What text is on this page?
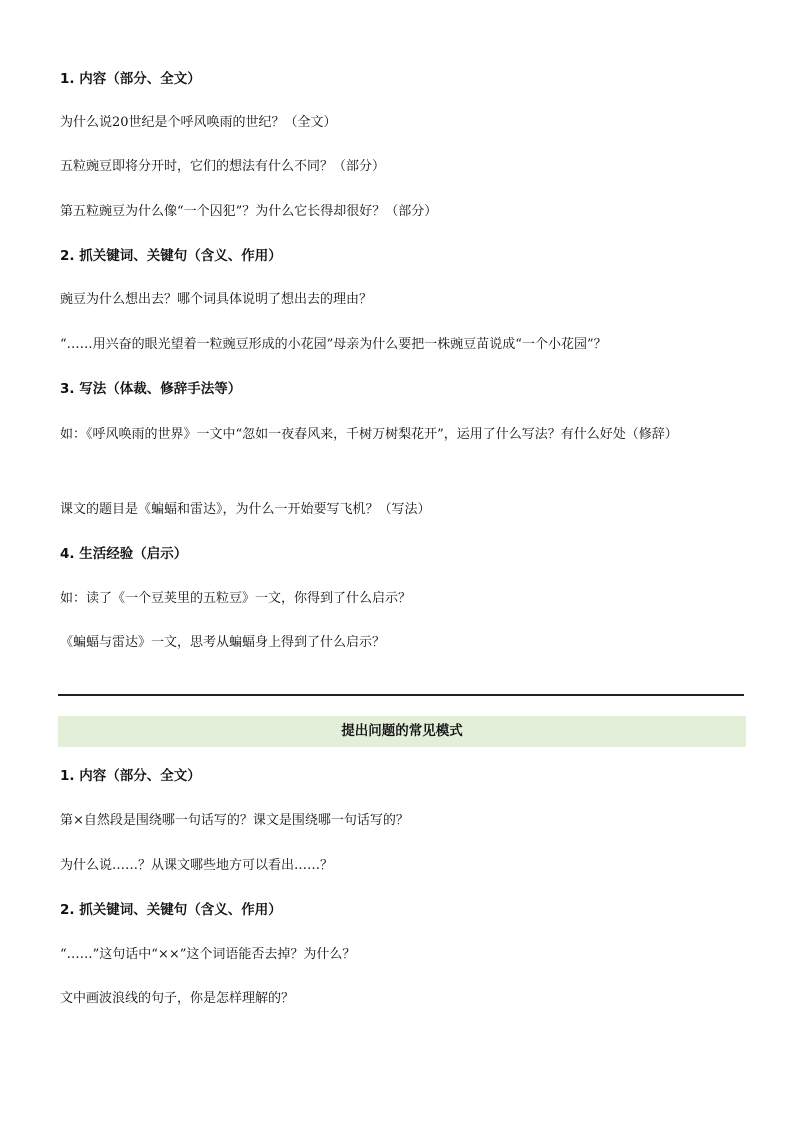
1. 内容（部分、全文）
为什么说20世纪是个呼风唤雨的世纪？（全文）
五粒豌豆即将分开时，它们的想法有什么不同？（部分）
第五粒豌豆为什么像“一个囚犯”？为什么它长得却很好？（部分）
2. 抓关键词、关键句（含义、作用）
豌豆为什么想出去？哪个词具体说明了想出去的理由？
“……用兴奋的眼光望着一粒豌豆形成的小花园”母亲为什么要把一株豌豆苗说成“一个小花园”？
3. 写法（体裁、修辞手法等）
如：《呼风唤雨的世界》一文中“忽如一夜春风来，千树万树梨花开”，运用了什么写法？有什么好处（修辞）
课文的题目是《蝙蝠和雷达》，为什么一开始要写飞机？（写法）
4. 生活经验（启示）
如：读了《一个豆荚里的五粒豆》一文，你得到了什么启示？
《蝙蝠与雷达》一文，思考从蝙蝠身上得到了什么启示？
提出问题的常见模式
1. 内容（部分、全文）
第×自然段是围绕哪一句话写的？课文是围绕哪一句话写的？
为什么说……？从课文哪些地方可以看出……？
2. 抓关键词、关键句（含义、作用）
“……”这句话中“××”这个词语能否去掉？为什么？
文中画波浪线的句子，你是怎样理解的？
